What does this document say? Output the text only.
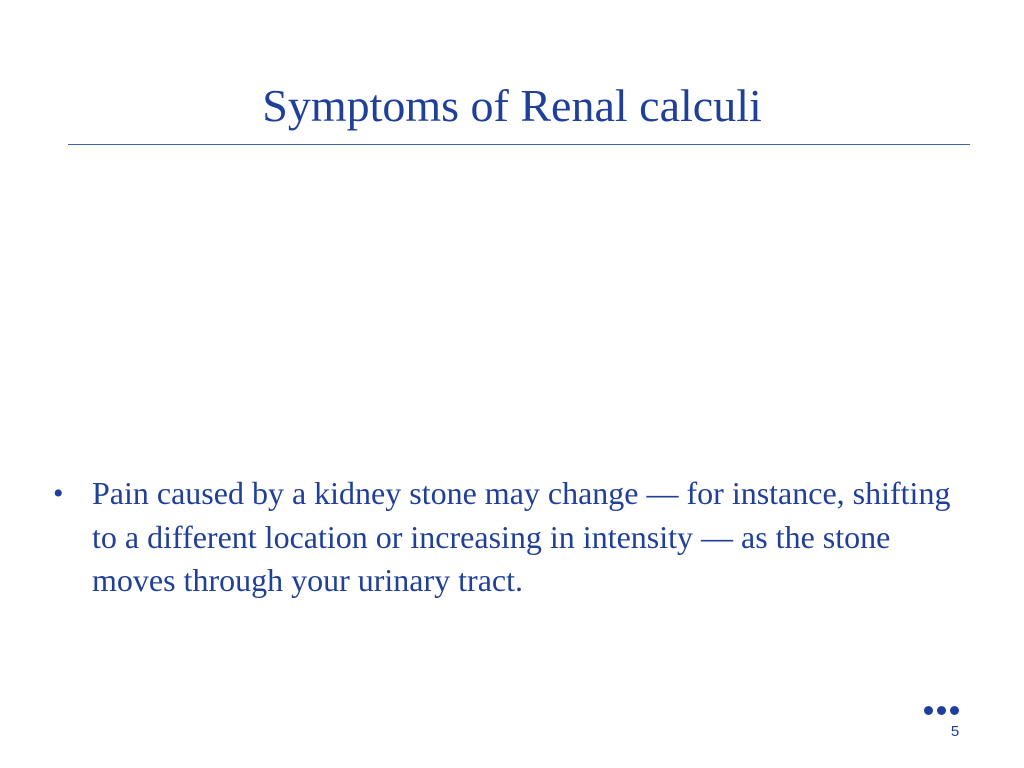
Symptoms of Renal calculi
• Pain caused by a kidney stone may change — for instance, shifting to a different location or increasing in intensity — as the stone moves through your urinary tract.
5
